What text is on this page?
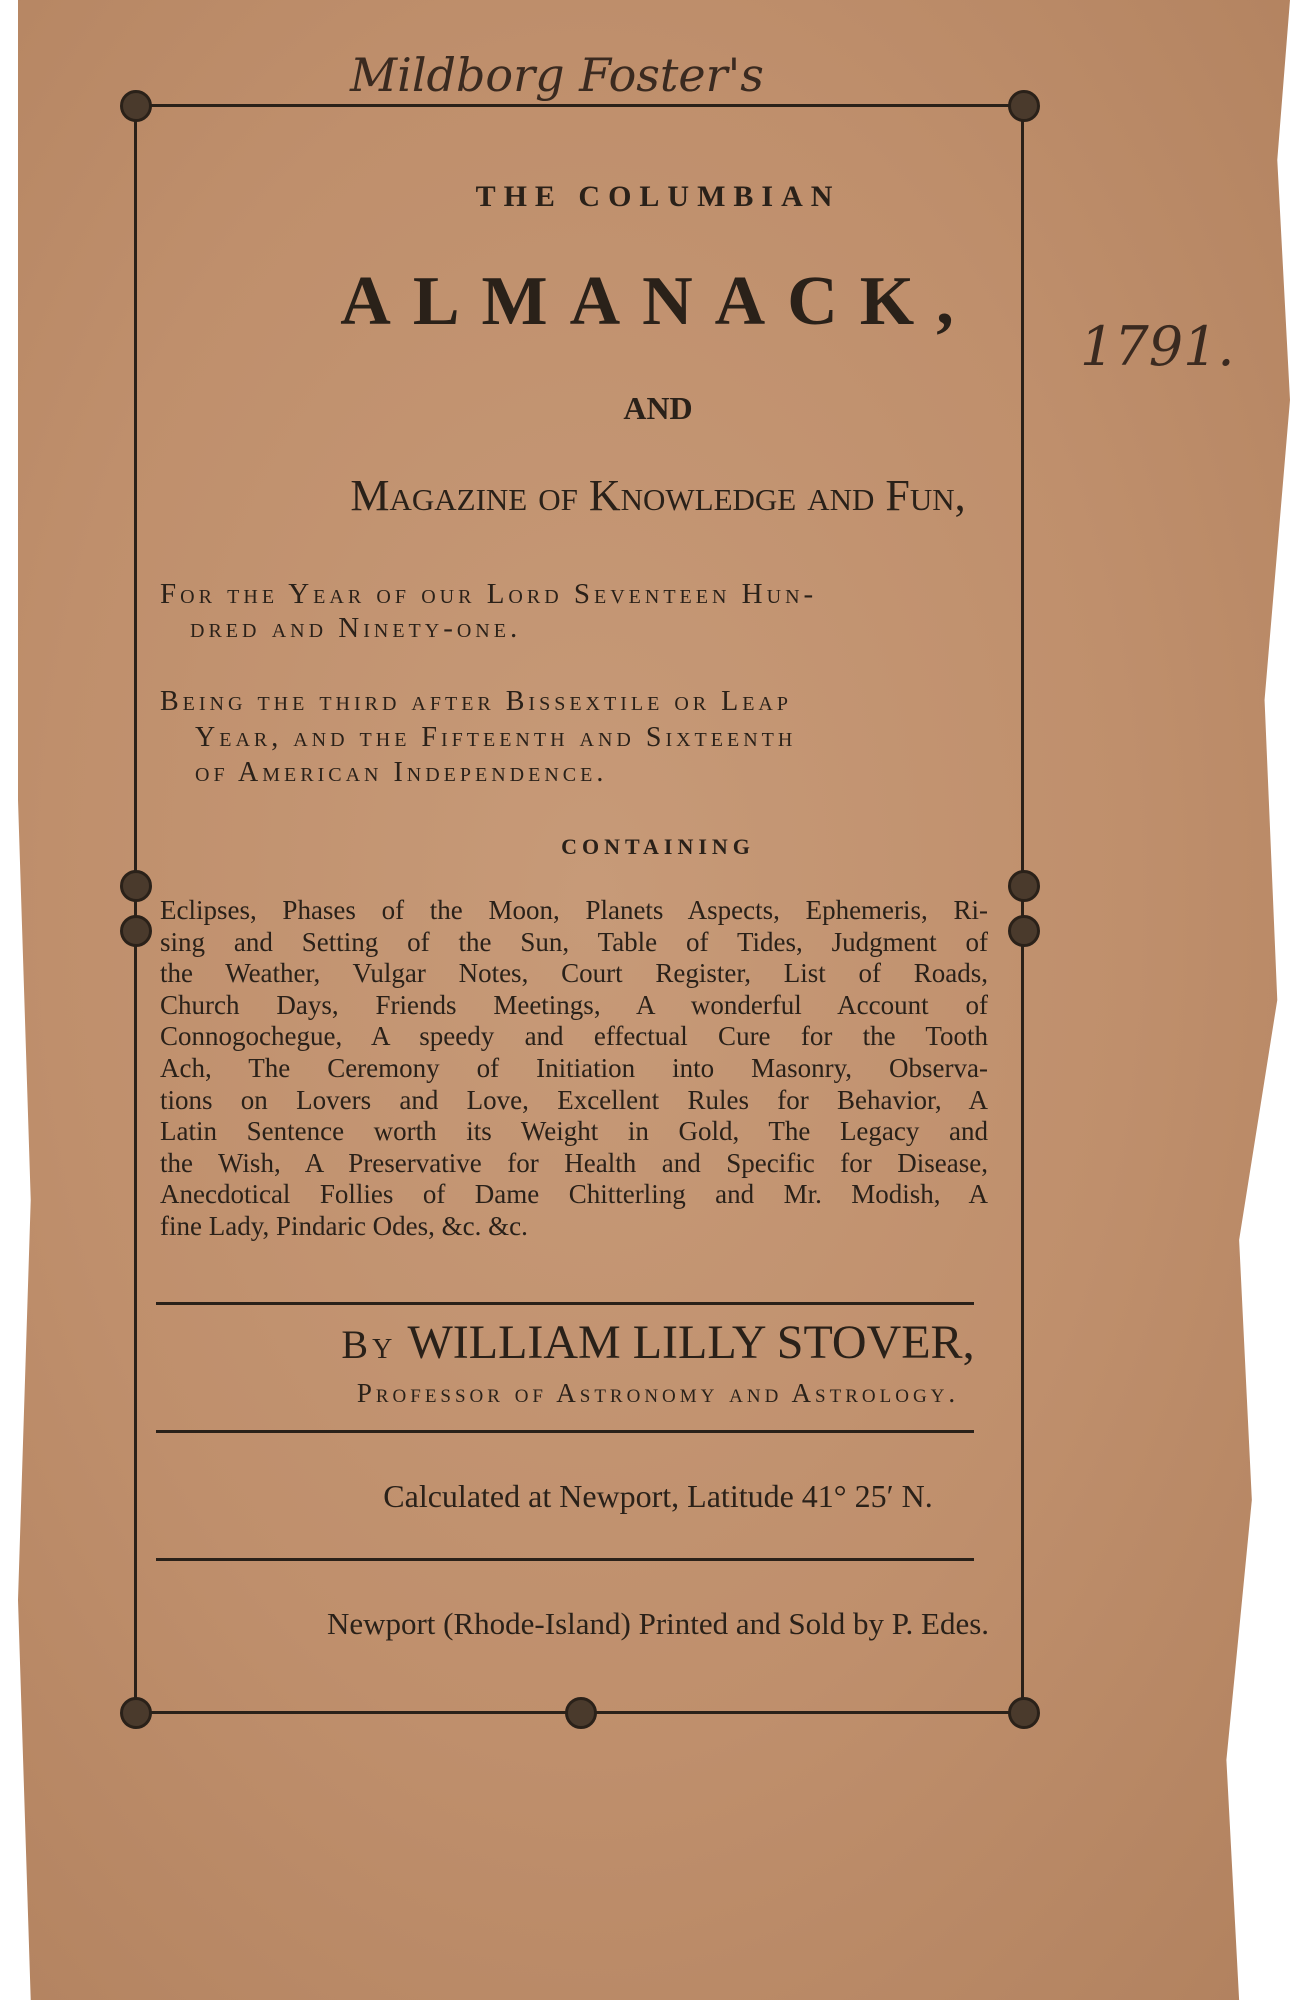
Mildborg Foster's
1791.
THE COLUMBIAN
ALMANACK,
AND
Magazine of Knowledge and Fun,
For the Year of our Lord Seventeen Hun-
dred and Ninety-one.
Being the third after Bissextile or Leap
Year, and the Fifteenth and Sixteenth
of American Independence.
CONTAINING
Eclipses, Phases of the Moon, Planets Aspects, Ephemeris, Ri-
sing and Setting of the Sun, Table of Tides, Judgment of
the Weather, Vulgar Notes, Court Register, List of Roads,
Church Days, Friends Meetings, A wonderful Account of
Connogochegue, A speedy and effectual Cure for the Tooth
Ach, The Ceremony of Initiation into Masonry, Observa-
tions on Lovers and Love, Excellent Rules for Behavior, A
Latin Sentence worth its Weight in Gold, The Legacy and
the Wish, A Preservative for Health and Specific for Disease,
Anecdotical Follies of Dame Chitterling and Mr. Modish, A
fine Lady, Pindaric Odes, &c. &c.
By WILLIAM LILLY STOVER,
Professor of Astronomy and Astrology.
Calculated at Newport, Latitude 41° 25′ N.
Newport (Rhode-Island) Printed and Sold by P. Edes.
